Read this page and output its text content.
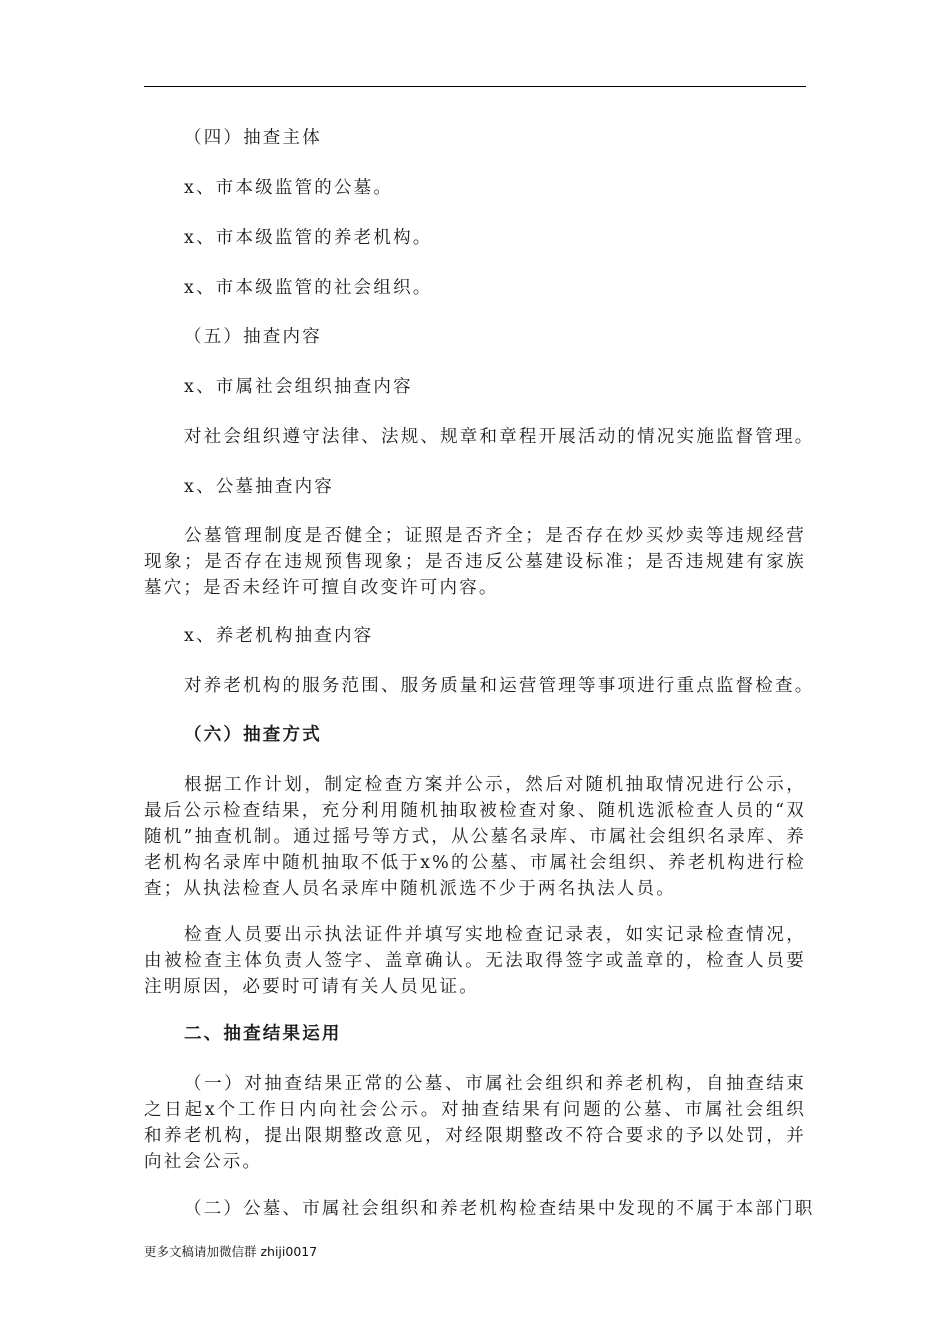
（四）抽查主体
x、市本级监管的公墓。
x、市本级监管的养老机构。
x、市本级监管的社会组织。
（五）抽查内容
x、市属社会组织抽查内容
对社会组织遵守法律、法规、规章和章程开展活动的情况实施监督管理。
x、公墓抽查内容
公墓管理制度是否健全；证照是否齐全；是否存在炒买炒卖等违规经营现象；是否存在违规预售现象；是否违反公墓建设标准；是否违规建有家族墓穴；是否未经许可擅自改变许可内容。
x、养老机构抽查内容
对养老机构的服务范围、服务质量和运营管理等事项进行重点监督检查。
（六）抽查方式
根据工作计划，制定检查方案并公示，然后对随机抽取情况进行公示，最后公示检查结果，充分利用随机抽取被检查对象、随机选派检查人员的“双随机”抽查机制。通过摇号等方式，从公墓名录库、市属社会组织名录库、养老机构名录库中随机抽取不低于x%的公墓、市属社会组织、养老机构进行检查；从执法检查人员名录库中随机派选不少于两名执法人员。
检查人员要出示执法证件并填写实地检查记录表，如实记录检查情况，由被检查主体负责人签字、盖章确认。无法取得签字或盖章的，检查人员要注明原因，必要时可请有关人员见证。
二、抽查结果运用
（一）对抽查结果正常的公墓、市属社会组织和养老机构，自抽查结束之日起x个工作日内向社会公示。对抽查结果有问题的公墓、市属社会组织和养老机构，提出限期整改意见，对经限期整改不符合要求的予以处罚，并向社会公示。
（二）公墓、市属社会组织和养老机构检查结果中发现的不属于本部门职
更多文稿请加微信群 zhiji0017
